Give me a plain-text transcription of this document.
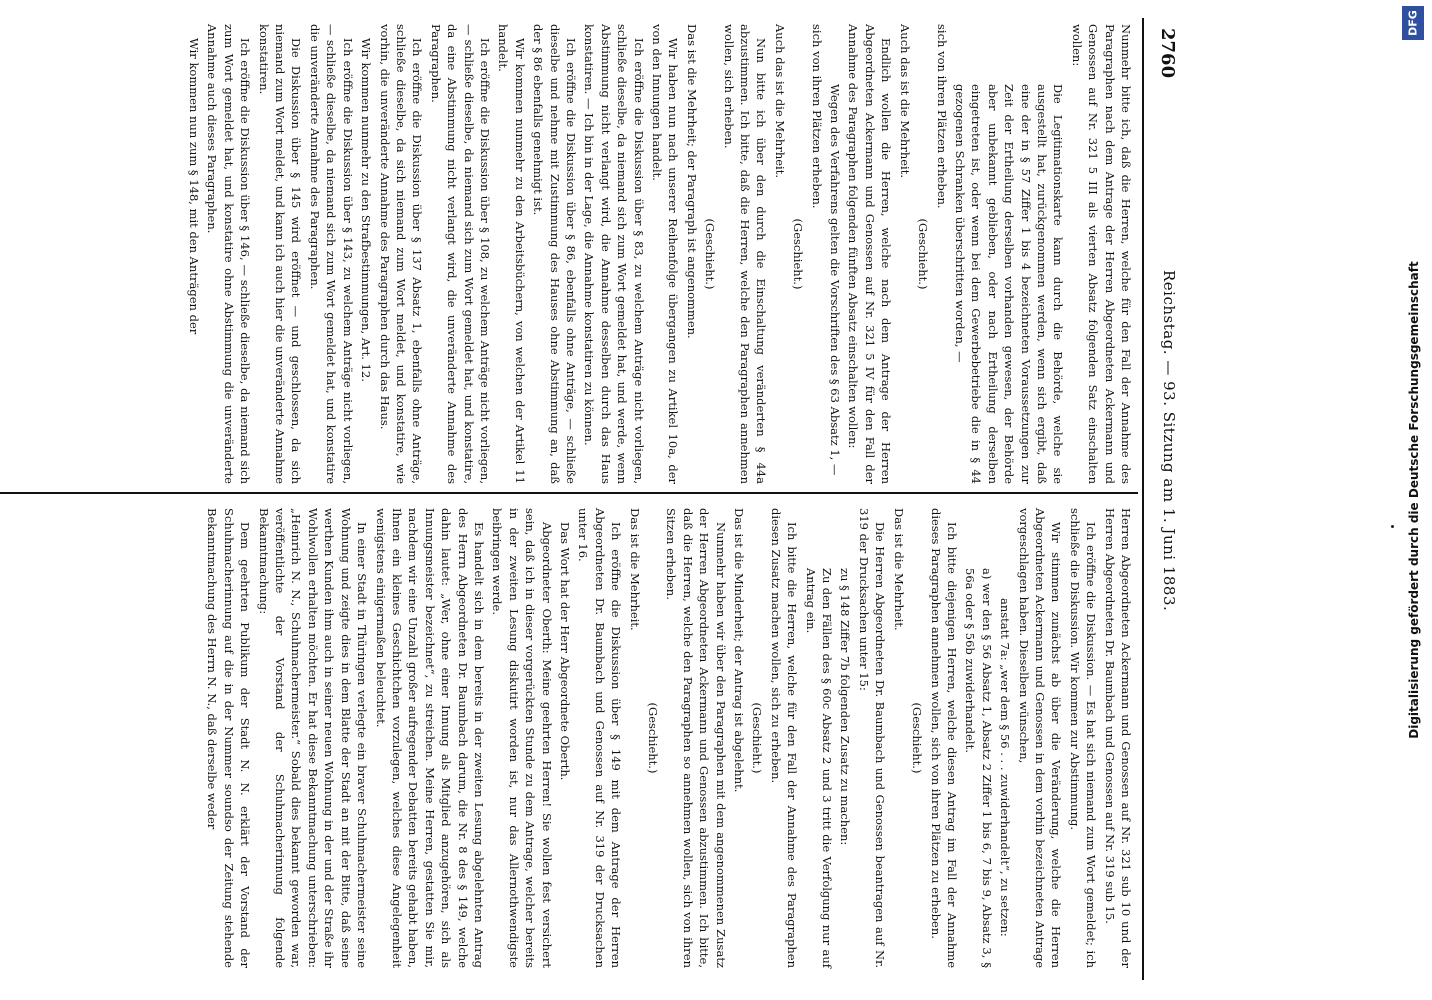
2760
Reichstag. — 93. Sitzung am 1. Juni 1883.

Nunmehr bitte ich, daß die Herren, welche für den Fall der Annahme des Paragraphen nach dem Antrage der Herren Abgeordneten Ackermann und Genossen auf Nr. 321 5 III als vierten Absatz folgenden Satz einschalten wollen:

Die Legitimationskarte kann durch die Behörde, welche sie ausgestellt hat, zurückgenommen werden, wenn sich ergibt, daß eine der in § 57 Ziffer 1 bis 4 bezeichneten Voraussetzungen zur Zeit der Ertheilung derselben vorhanden gewesen, der Behörde aber unbekannt geblieben, oder nach Ertheilung derselben eingetreten ist, oder wenn bei dem Gewerbebetriebe die in § 44 gezogenen Schranken überschritten worden, —

sich von ihren Plätzen erheben.

(Geschieht.)

Auch das ist die Mehrheit.

Endlich wollen die Herren, welche nach dem Antrage der Herren Abgeordneten Ackermann und Genossen auf Nr. 321 5 IV für den Fall der Annahme des Paragraphen folgenden fünften Absatz einschalten wollen:

Wegen des Verfahrens gelten die Vorschriften des § 63 Absatz 1, —

sich von ihren Plätzen erheben.

(Geschieht.)

Auch das ist die Mehrheit.

Nun bitte ich über den durch die Einschaltung veränderten § 44a abzustimmen. Ich bitte, daß die Herren, welche den Paragraphen annehmen wollen, sich erheben.

(Geschieht.)

Das ist die Mehrheit; der Paragraph ist angenommen.

Wir haben nun nach unserer Reihenfolge übergangen zu Artikel 10a, der von den Innungen handelt.

Ich eröffne die Diskussion über § 83, zu welchem Anträge nicht vorliegen, schließe dieselbe, da niemand sich zum Wort gemeldet hat, und werde, wenn Abstimmung nicht verlangt wird, die Annahme desselben durch das Haus konstatiren. — Ich bin in der Lage, die Annahme konstatiren zu können.

Ich eröffne die Diskussion über § 86, ebenfalls ohne Anträge, — schließe dieselbe und nehme mit Zustimmung des Hauses ohne Abstimmung an, daß der § 86 ebenfalls genehmigt ist.

Wir kommen nunmehr zu den Arbeitsbüchern, von welchen der Artikel 11 handelt.

Ich eröffne die Diskussion über § 108, zu welchem Anträge nicht vorliegen, — schließe dieselbe, da niemand sich zum Wort gemeldet hat, und konstatire, da eine Abstimmung nicht verlangt wird, die unveränderte Annahme des Paragraphen.

Ich eröffne die Diskussion über § 137 Absatz 1, ebenfalls ohne Anträge, schließe dieselbe, da sich niemand zum Wort meldet, und konstatire, wie vorhin, die unveränderte Annahme des Paragraphen durch das Haus.

Wir kommen nunmehr zu den Strafbestimmungen, Art. 12.

Ich eröffne die Diskussion über § 143, zu welchem Anträge nicht vorliegen, — schließe dieselbe, da niemand sich zum Wort gemeldet hat, und konstatire die unveränderte Annahme des Paragraphen.

Die Diskussion über § 145 wird eröffnet — und geschlossen, da sich niemand zum Wort meldet, und kann ich auch hier die unveränderte Annahme konstatiren.

Ich eröffne die Diskussion über § 146, — schließe dieselbe, da niemand sich zum Wort gemeldet hat, und konstatire ohne Abstimmung die unveränderte Annahme auch dieses Paragraphen.

Wir kommen nun zum § 148, mit den Anträgen der

Herren Abgeordneten Ackermann und Genossen auf Nr. 321 sub 10 und der Herren Abgeordneten Dr. Baumbach und Genossen auf Nr. 319 sub 15.

Ich eröffne die Diskussion. — Es hat sich niemand zum Wort gemeldet; ich schließe die Diskussion. Wir kommen zur Abstimmung.

Wir stimmen zunächst ab über die Veränderung, welche die Herren Abgeordneten Ackermann und Genossen in dem vorhin bezeichneten Antrage vorgeschlagen haben. Dieselben wünschen,

anstatt 7a: „wer dem § 56 . . . zuwiderhandelt“, zu setzen:

a) wer den § 56 Absatz 1, Absatz 2 Ziffer 1 bis 6, 7 bis 9, Absatz 3, § 56a oder § 56b zuwiderhandelt.

Ich bitte diejenigen Herren, welche diesen Antrag im Fall der Annahme dieses Paragraphen annehmen wollen, sich von ihren Plätzen zu erheben.

(Geschieht.)

Das ist die Mehrheit.

Die Herren Abgeordneten Dr. Baumbach und Genossen beantragen auf Nr. 319 der Drucksachen unter 15:

zu § 148 Ziffer 7b folgenden Zusatz zu machen:

Zu den Fällen des § 60c Absatz 2 und 3 tritt die Verfolgung nur auf Antrag ein.

Ich bitte die Herren, welche für den Fall der Annahme des Paragraphen diesen Zusatz machen wollen, sich zu erheben.

(Geschieht.)

Das ist die Minderheit; der Antrag ist abgelehnt.

Nunmehr haben wir über den Paragraphen mit dem angenommenen Zusatz der Herren Abgeordneten Ackermann und Genossen abzustimmen. Ich bitte, daß die Herren, welche den Paragraphen so annehmen wollen, sich von ihren Sitzen erheben.

(Geschieht.)

Das ist die Mehrheit.

Ich eröffne die Diskussion über § 149 mit dem Antrage der Herren Abgeordneten Dr. Baumbach und Genossen auf Nr. 319 der Drucksachen unter 16.

Das Wort hat der Herr Abgeordnete Oberth.

Abgeordneter Oberth: Meine geehrten Herren! Sie wollen fest versichert sein, daß ich in dieser vorgerückten Stunde zu dem Antrage, welcher bereits in der zweiten Lesung diskutirt worden ist, nur das Allernothwendigste beibringen werde.

Es handelt sich in dem bereits in der zweiten Lesung abgelehnten Antrag des Herrn Abgeordneten Dr. Baumbach darum, die Nr. 8 des § 149, welche dahin lautet: „Wer, ohne einer Innung als Mitglied anzugehören, sich als Innungsmeister bezeichnet“, zu streichen. Meine Herren, gestatten Sie mir, nachdem wir eine Unzahl großer aufregender Debatten bereits gehabt haben, Ihnen ein kleines Geschichtchen vorzulegen, welches diese Angelegenheit wenigstens einigermaßen beleuchtet.

In einer Stadt in Thüringen verlegte ein braver Schuhmachermeister seine Wohnung und zeigte dies in dem Blatte der Stadt an mit der Bitte, daß seine werthen Kunden ihm auch in seiner neuen Wohnung in der und der Straße ihr Wohlwollen erhalten möchten. Er hat diese Bekanntmachung unterschrieben: „Heinrich N. N., Schuhmachermeister.“ Sobald dies bekannt geworden war, veröffentlichte der Vorstand der Schuhmacherinnung folgende Bekanntmachung:

Dem geehrten Publikum der Stadt N. N. erklärt der Vorstand der Schuhmacherinnung auf die in der Nummer soundso der Zeitung stehende Bekanntmachung des Herrn N. N., daß derselbe weder

DFG
Digitalisierung gefördert durch die Deutsche Forschungsgemeinschaft
